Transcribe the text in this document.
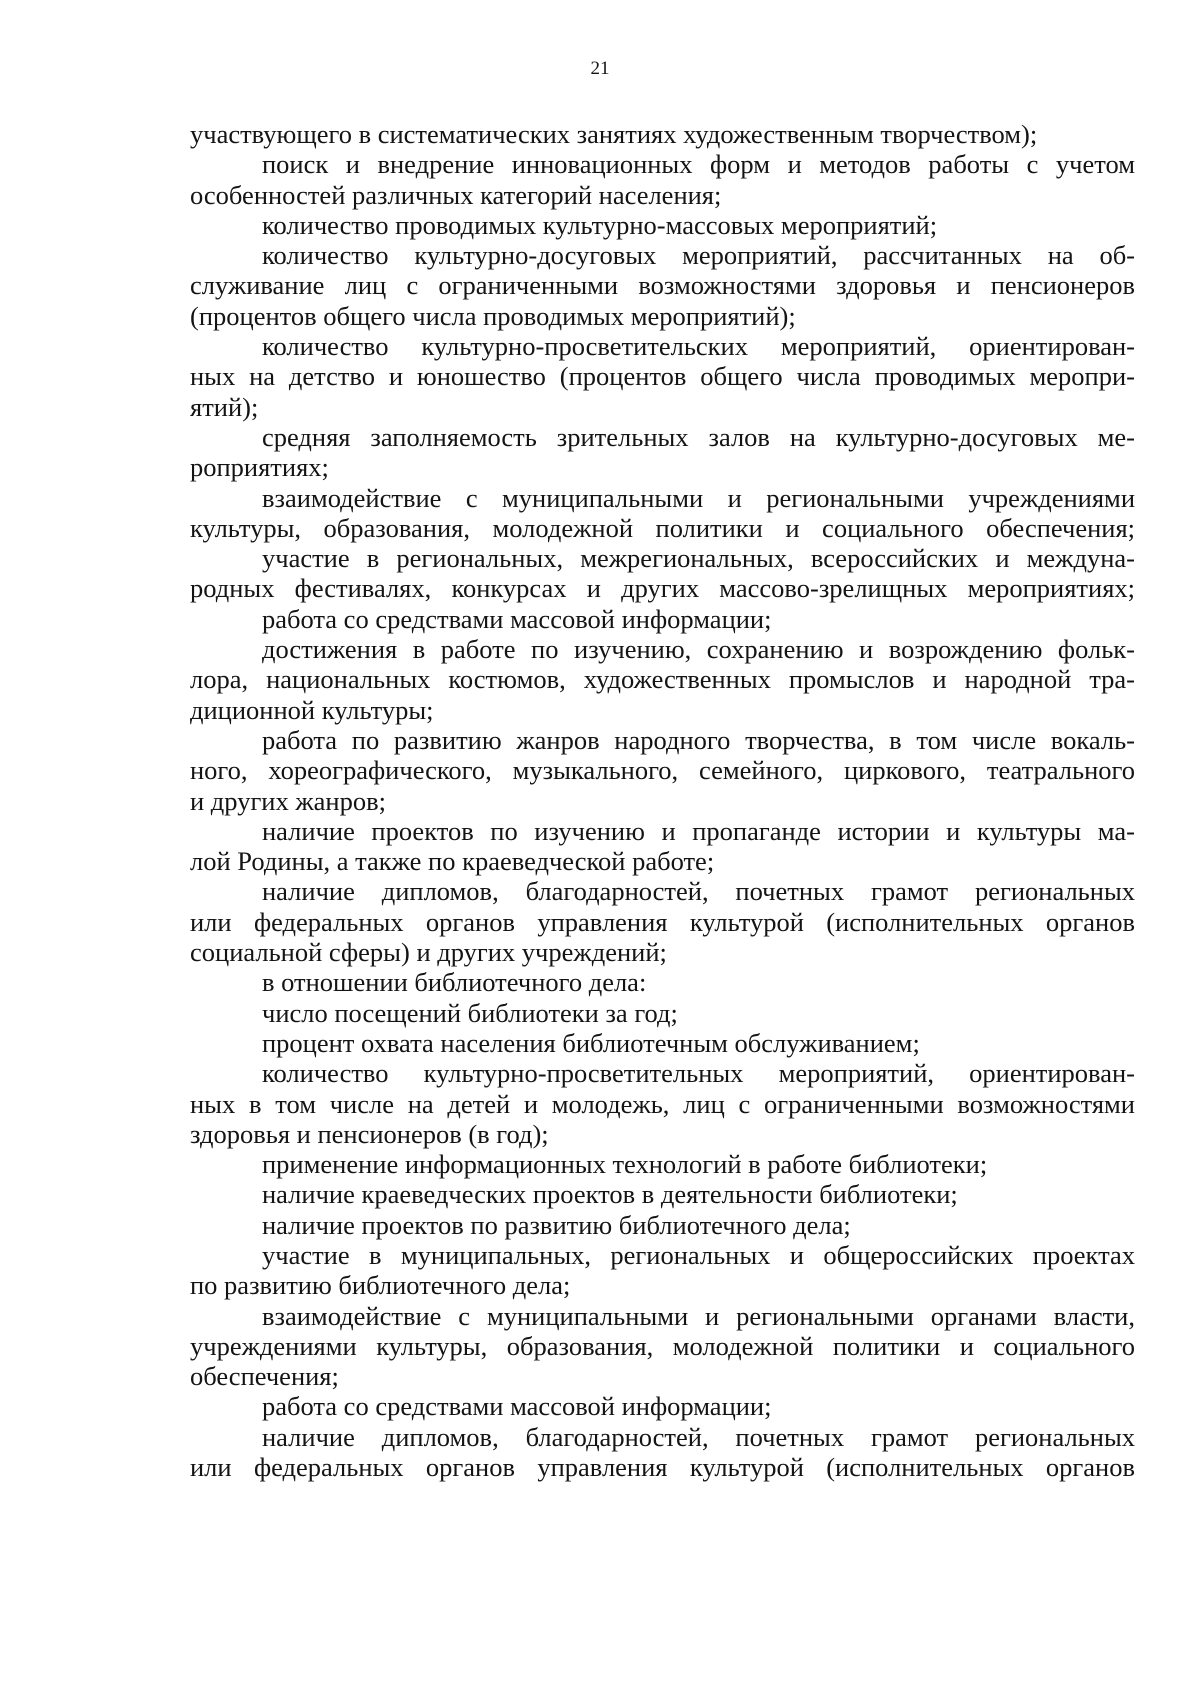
21
участвующего в систематических занятиях художественным творчеством);
поиск и внедрение инновационных форм и методов работы с учетом
особенностей различных категорий населения;
количество проводимых культурно-массовых мероприятий;
количество культурно-досуговых мероприятий, рассчитанных на об-
служивание лиц с ограниченными возможностями здоровья и пенсионеров
(процентов общего числа проводимых мероприятий);
количество культурно-просветительских мероприятий, ориентирован-
ных на детство и юношество (процентов общего числа проводимых меропри-
ятий);
средняя заполняемость зрительных залов на культурно-досуговых ме-
роприятиях;
взаимодействие с муниципальными и региональными учреждениями
культуры, образования, молодежной политики и социального обеспечения;
участие в региональных, межрегиональных, всероссийских и междуна-
родных фестивалях, конкурсах и других массово-зрелищных мероприятиях;
работа со средствами массовой информации;
достижения в работе по изучению, сохранению и возрождению фольк-
лора, национальных костюмов, художественных промыслов и народной тра-
диционной культуры;
работа по развитию жанров народного творчества, в том числе вокаль-
ного, хореографического, музыкального, семейного, циркового, театрального
и других жанров;
наличие проектов по изучению и пропаганде истории и культуры ма-
лой Родины, а также по краеведческой работе;
наличие дипломов, благодарностей, почетных грамот региональных
или федеральных органов управления культурой (исполнительных органов
социальной сферы) и других учреждений;
в отношении библиотечного дела:
число посещений библиотеки за год;
процент охвата населения библиотечным обслуживанием;
количество культурно-просветительных мероприятий, ориентирован-
ных в том числе на детей и молодежь, лиц с ограниченными возможностями
здоровья и пенсионеров (в год);
применение информационных технологий в работе библиотеки;
наличие краеведческих проектов в деятельности библиотеки;
наличие проектов по развитию библиотечного дела;
участие в муниципальных, региональных и общероссийских проектах
по развитию библиотечного дела;
взаимодействие с муниципальными и региональными органами власти,
учреждениями культуры, образования, молодежной политики и социального
обеспечения;
работа со средствами массовой информации;
наличие дипломов, благодарностей, почетных грамот региональных
или федеральных органов управления культурой (исполнительных органов
